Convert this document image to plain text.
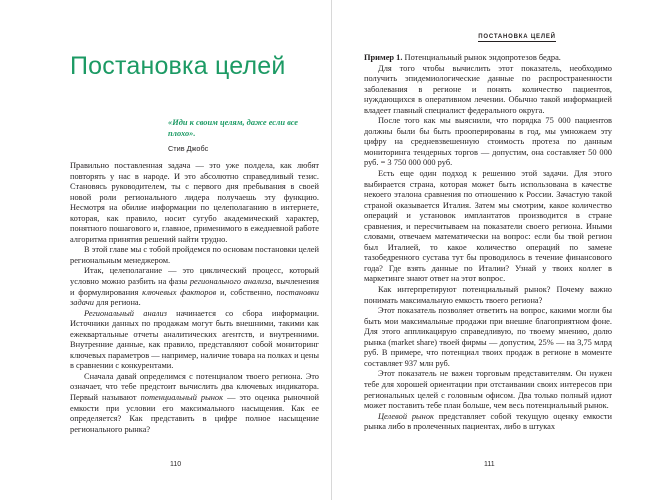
Постановка целей
«Иди к своим целям, даже если все плохо».
Стив Джобс

Правильно поставленная задача — это уже полдела, как любят повторять у нас в народе. И это абсолютно справедливый тезис. Становясь руководителем, ты с первого дня пребывания в своей новой роли регионального лидера получаешь эту функцию. Несмотря на обилие информации по целеполаганию в интернете, которая, как правило, носит сугубо академический характер, понятного пошагового и, главное, применимого в ежедневной работе алгоритма принятия решений найти трудно.

В этой главе мы с тобой пройдемся по основам постановки целей региональным менеджером.

Итак, целеполагание — это циклический процесс, который условно можно разбить на фазы регионального анализа, вычленения и формулирования ключевых факторов и, собственно, постановки задачи для региона.

Региональный анализ начинается со сбора информации. Источники данных по продажам могут быть внешними, такими как ежеквартальные отчеты аналитических агентств, и внутренними. Внутренние данные, как правило, представляют собой мониторинг ключевых параметров — например, наличие товара на полках и цены в сравнении с конкурентами.

Сначала давай определимся с потенциалом твоего региона. Это означает, что тебе предстоит вычислить два ключевых индикатора. Первый называют потенциальный рынок — это оценка рыночной емкости при условии его максимального насыщения. Как ее определяется? Как представить в цифре полное насыщение регионального рынка?

110
ПОСТАНОВКА ЦЕЛЕЙ

Пример 1. Потенциальный рынок эндопротезов бедра.

Для того чтобы вычислить этот показатель, необходимо получить эпидемиологические данные по распространенности заболевания в регионе и понять количество пациентов, нуждающихся в оперативном лечении. Обычно такой информацией владеет главный специалист федерального округа.

После того как мы выяснили, что порядка 75 000 пациентов должны были бы быть прооперированы в год, мы умножаем эту цифру на средневзвешенную стоимость протеза по данным мониторинга тендерных торгов — допустим, она составляет 50 000 руб. = 3 750 000 000 руб.

Есть еще один подход к решению этой задачи. Для этого выбирается страна, которая может быть использована в качестве некоего эталона сравнения по отношению к России. Зачастую такой страной оказывается Италия. Затем мы смотрим, какое количество операций и установок имплантатов производится в стране сравнения, и пересчитываем на показатели своего региона. Иными словами, отвечаем математически на вопрос: если бы твой регион был Италией, то какое количество операций по замене тазобедренного сустава тут бы проводилось в течение финансового года? Где взять данные по Италии? Узнай у твоих коллег в маркетинге знают ответ на этот вопрос.

Как интерпретируют потенциальный рынок? Почему важно понимать максимальную емкость твоего региона?

Этот показатель позволяет ответить на вопрос, какими могли бы быть мои максимальные продажи при внешне благоприятном фоне. Для этого аппликацирую справедливую, по твоему мнению, долю рынка (market share) твоей фирмы — допустим, 25% — на 3,75 млрд руб. В примере, что потенциал твоих продаж в регионе в моменте составляет 937 млн руб.

Этот показатель не важен торговым представителям. Он нужен тебе для хорошей ориентации при отстаивании своих интересов при региональных целей с головным офисом. Два только полный идиот может поставить тебе план больше, чем весь потенциальный рынок.

Целевой рынок представляет собой текущую оценку емкости рынка либо в пролеченных пациентах, либо в штуках

111
